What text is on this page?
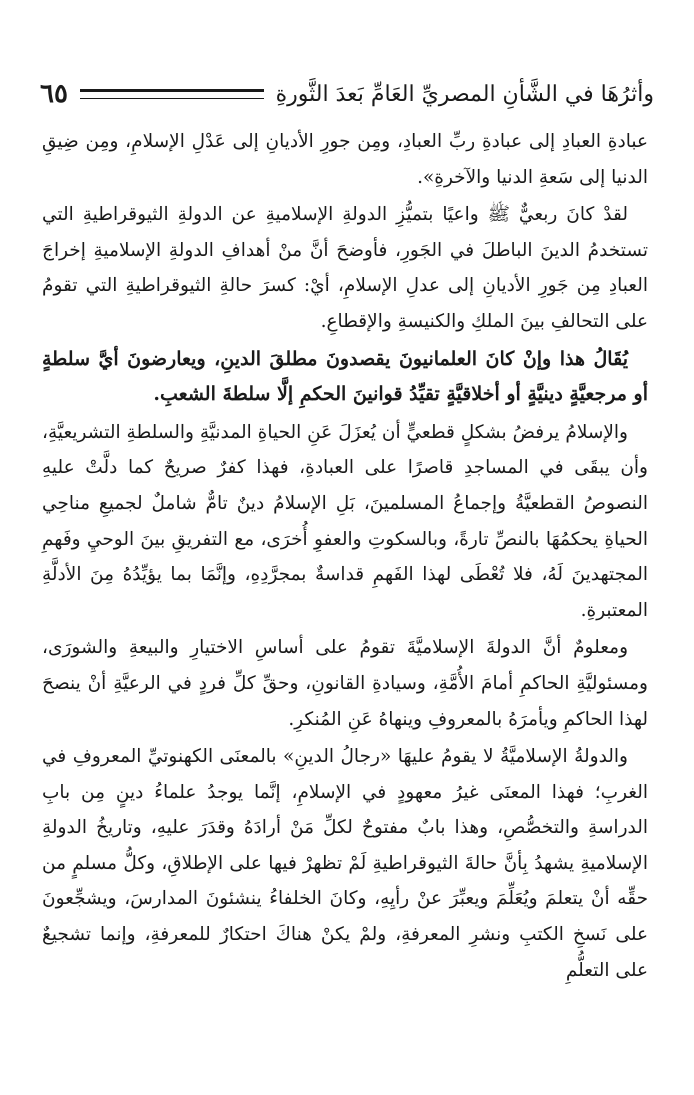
وأثرُهَا في الشَّأنِ المصريِّ العَامِّ بَعدَ الثَّورةِ
٦٥

عبادةِ العبادِ إلى عبادةِ ربِّ العبادِ، ومِن جورِ الأديانِ إلى عَدْلِ الإسلامِ، ومِن ضِيقِ الدنيا إلى سَعةِ الدنيا والآخرةِ».

لقدْ كانَ ربعيٌّ ﷺ واعيًا بتميُّزِ الدولةِ الإسلاميةِ عن الدولةِ الثيوقراطيةِ التي تستخدمُ الدينَ الباطلَ في الجَورِ، فأوضحَ أنَّ منْ أهدافِ الدولةِ الإسلاميةِ إخراجَ العبادِ مِن جَورِ الأديانِ إلى عدلِ الإسلامِ، أيْ: كسرَ حالةِ الثيوقراطيةِ التي تقومُ على التحالفِ بينَ الملكِ والكنيسةِ والإقطاعِ.

يُقَالُ هذا وإنْ كانَ العلمانيونَ يقصدونَ مطلقَ الدينِ، ويعارضونَ أيَّ سلطةٍ أو مرجعيَّةٍ دينيَّةٍ أو أخلاقيَّةٍ تقيِّدُ قوانينَ الحكمِ إلَّا سلطةَ الشعبِ.

والإسلامُ يرفضُ بشكلٍ قطعيٍّ أن يُعزَلَ عَنِ الحياةِ المدنيَّةِ والسلطةِ التشريعيَّةِ، وأن يبقَى في المساجدِ قاصرًا على العبادةِ، فهذا كفرٌ صريحٌ كما دلَّتْ عليهِ النصوصُ القطعيَّةُ وإجماعُ المسلمينَ، بَلِ الإسلامُ دينٌ تامٌّ شاملٌ لجميعِ مناحِي الحياةِ يحكمُهَا بالنصِّ تارةً، وبالسكوتِ والعفوِ أُخرَى، مع التفريقِ بينَ الوحيِ وفَهمِ المجتهدينَ لَهُ، فلا تُعْطَى لهذا الفَهمِ قداسةٌ بمجرَّدِهِ، وإنَّمَا بما يؤيِّدُهُ مِنَ الأدلَّةِ المعتبرةِ.

ومعلومٌ أنَّ الدولةَ الإسلاميَّةَ تقومُ على أساسِ الاختيارِ والبيعةِ والشورَى، ومسئوليَّةِ الحاكمِ أمامَ الأُمَّةِ، وسيادةِ القانونِ، وحقِّ كلِّ فردٍ في الرعيَّةِ أنْ ينصحَ لهذا الحاكمِ ويأمرَهُ بالمعروفِ وينهاهُ عَنِ المُنكرِ.

والدولةُ الإسلاميَّةُ لا يقومُ عليهَا «رجالُ الدينِ» بالمعنَى الكهنوتيِّ المعروفِ في الغربِ؛ فهذا المعنَى غيرُ معهودٍ في الإسلامِ، إنَّما يوجدُ علماءُ دينٍ مِن بابِ الدراسةِ والتخصُّصِ، وهذا بابٌ مفتوحٌ لكلِّ مَنْ أرادَهُ وقدَرَ عليهِ، وتاريخُ الدولةِ الإسلاميةِ يشهدُ بِأنَّ حالةَ الثيوقراطيةِ لَمْ تظهرْ فيها على الإطلاقِ، وكلُّ مسلمٍ من حقِّه أنْ يتعلمَ ويُعَلِّمَ ويعبِّرَ عنْ رأيِهِ، وكانَ الخلفاءُ ينشئونَ المدارسَ، ويشجِّعونَ على نَسخِ الكتبِ ونشرِ المعرفةِ، ولمْ يكنْ هناكَ احتكارٌ للمعرفةِ، وإنما تشجيعٌ على التعلُّمِ
